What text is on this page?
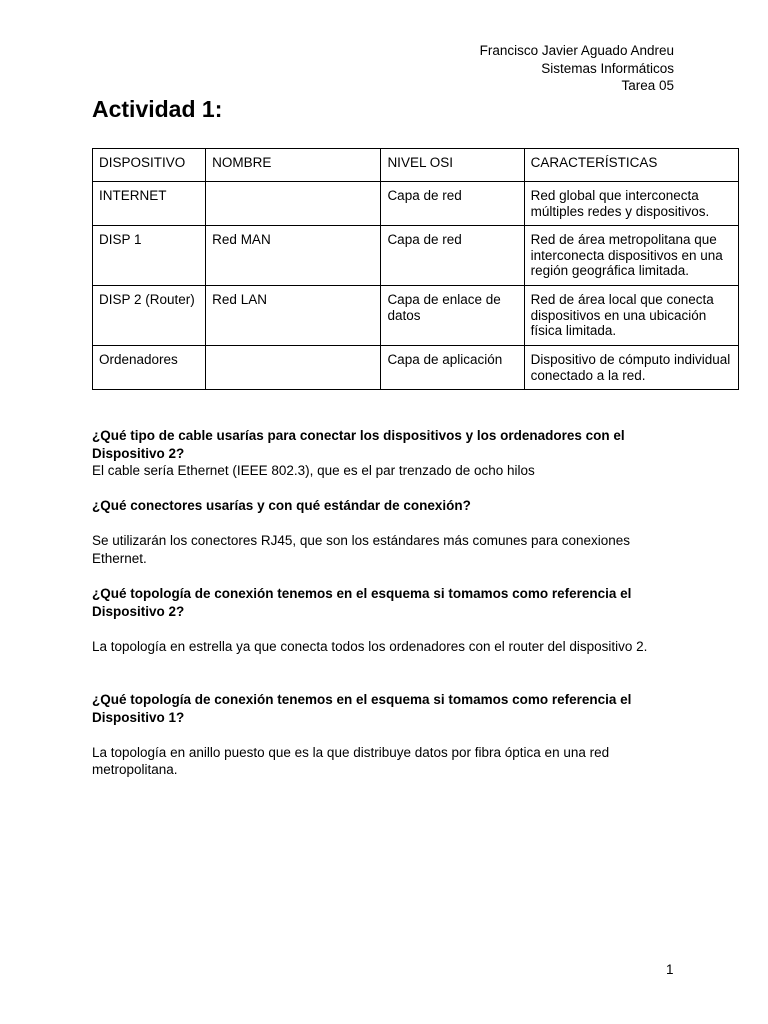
Francisco Javier Aguado Andreu
Sistemas Informáticos
Tarea 05
Actividad 1:
DISPOSITIVO	NOMBRE	NIVEL OSI	CARACTERÍSTICAS
INTERNET		Capa de red	Red global que interconecta múltiples redes y dispositivos.
DISP 1	Red MAN	Capa de red	Red de área metropolitana que interconecta dispositivos en una región geográfica limitada.
DISP 2 (Router)	Red LAN	Capa de enlace de datos	Red de área local que conecta dispositivos en una ubicación física limitada.
Ordenadores		Capa de aplicación	Dispositivo de cómputo individual conectado a la red.

¿Qué tipo de cable usarías para conectar los dispositivos y los ordenadores con el Dispositivo 2?

El cable sería Ethernet (IEEE 802.3), que es el par trenzado de ocho hilos

¿Qué conectores usarías y con qué estándar de conexión?

Se utilizarán los conectores RJ45, que son los estándares más comunes para conexiones Ethernet.

¿Qué topología de conexión tenemos en el esquema si tomamos como referencia el Dispositivo 2?

La topología en estrella ya que conecta todos los ordenadores con el router del dispositivo 2.

¿Qué topología de conexión tenemos en el esquema si tomamos como referencia el Dispositivo 1?

La topología en anillo puesto que es la que distribuye datos por fibra óptica en una red metropolitana.

1
